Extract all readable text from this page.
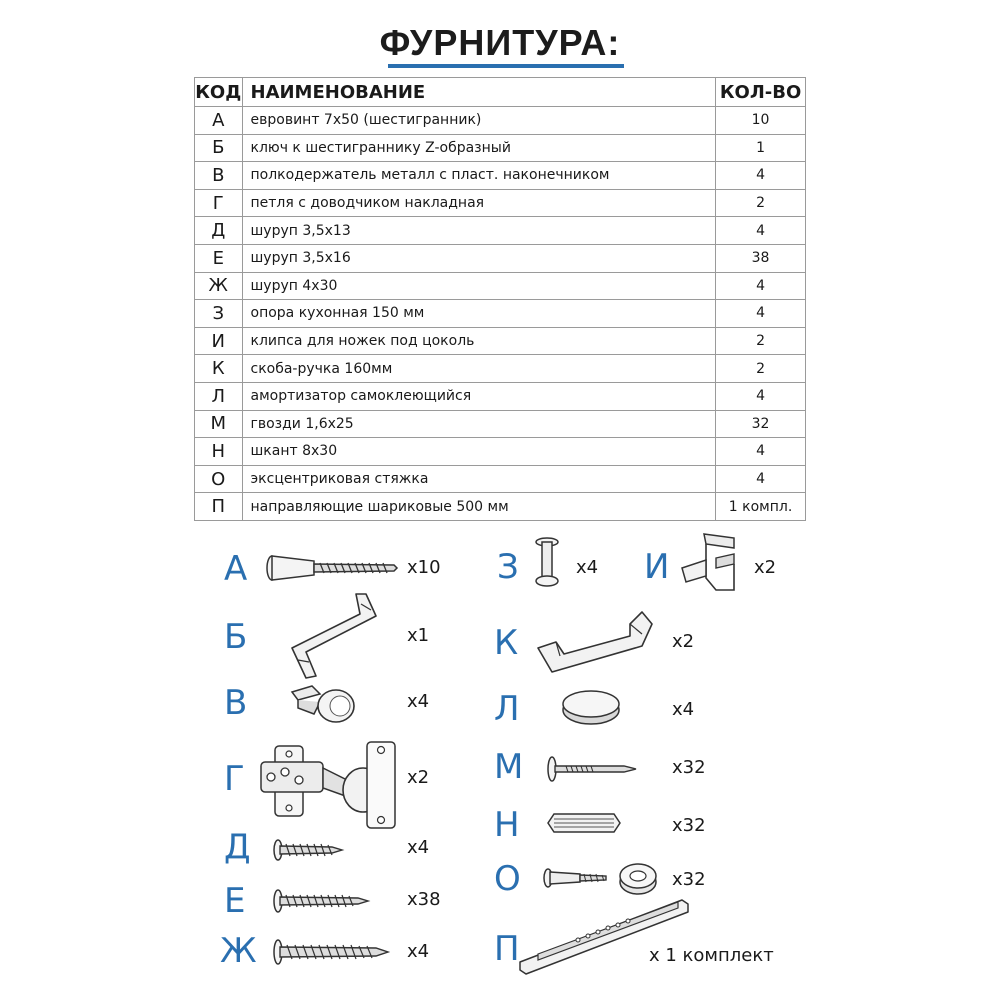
ФУРНИТУРА:
КОД	НАИМЕНОВАНИЕ	КОЛ-ВО
А	евровинт 7х50 (шестигранник)	10
Б	ключ к шестиграннику Z-образный	1
В	полкодержатель металл с пласт. наконечником	4
Г	петля с доводчиком накладная	2
Д	шуруп 3,5х13	4
Е	шуруп 3,5х16	38
Ж	шуруп 4х30	4
З	опора кухонная 150 мм	4
И	клипса для ножек под цоколь	2
К	скоба-ручка 160мм	2
Л	амортизатор самоклеющийся	4
М	гвозди 1,6х25	32
Н	шкант 8х30	4
О	эксцентриковая стяжка	4
П	направляющие шариковые 500 мм	1 компл.
А	x10
Б	x1
В	x4
Г	x2
Д	x4
Е	x38
Ж	x4
З	x4 И	x2
К	x2
Л	x4
М	x32
Н	x32
О	x32
П	x 1 комплект
